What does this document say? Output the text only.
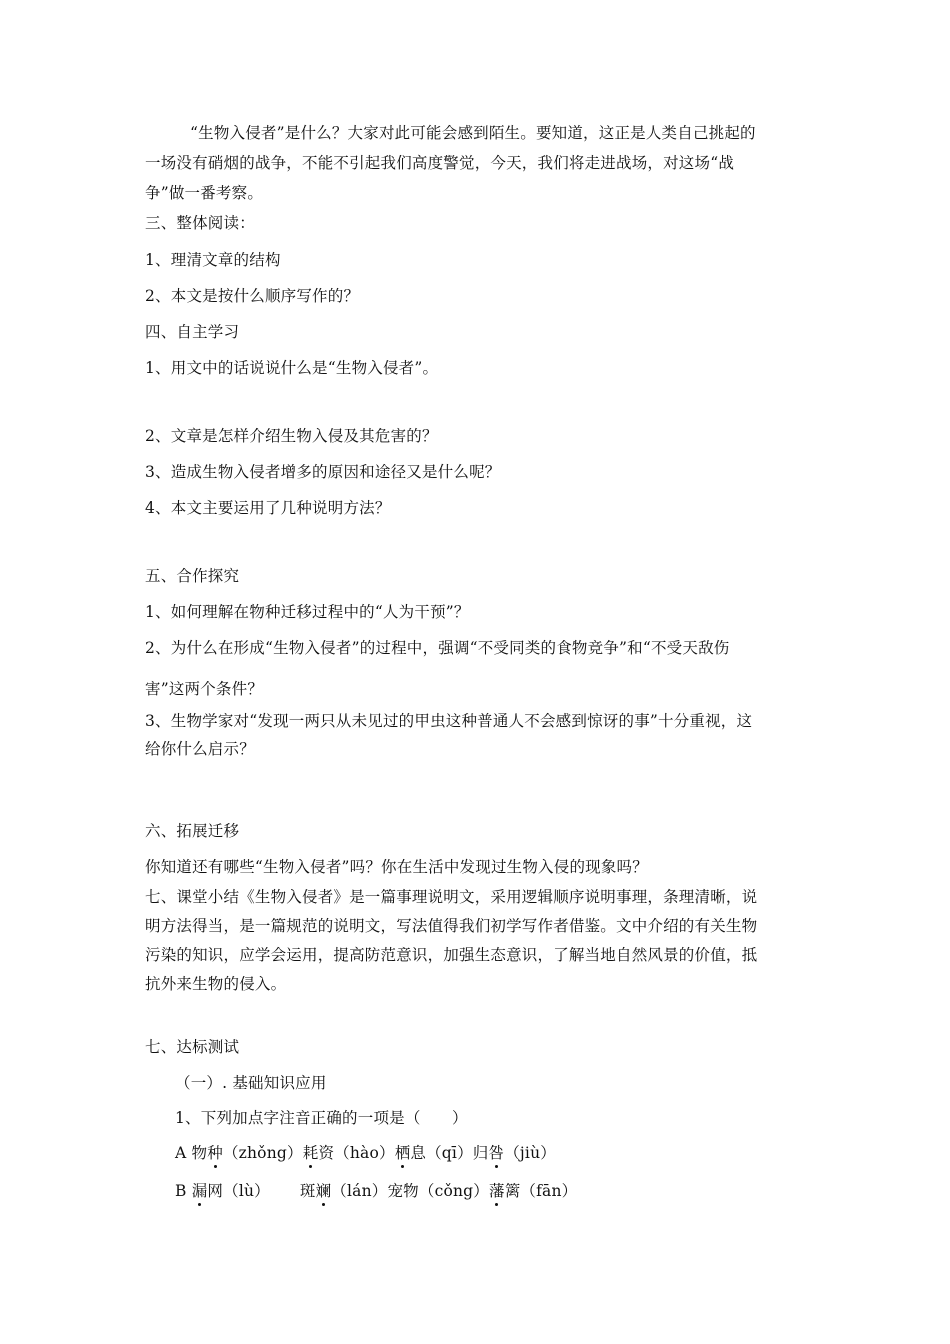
“生物入侵者”是什么？大家对此可能会感到陌生。要知道，这正是人类自己挑起的
一场没有硝烟的战争，不能不引起我们高度警觉，今天，我们将走进战场，对这场“战
争”做一番考察。
三、整体阅读：
1、理清文章的结构
2、本文是按什么顺序写作的？
四、自主学习
1、用文中的话说说什么是“生物入侵者”。
2、文章是怎样介绍生物入侵及其危害的？
3、造成生物入侵者增多的原因和途径又是什么呢？
4、本文主要运用了几种说明方法？
五、合作探究
1、如何理解在物种迁移过程中的“人为干预”？
2、为什么在形成“生物入侵者”的过程中，强调“不受同类的食物竞争”和“不受天敌伤
害”这两个条件？
3、生物学家对“发现一两只从未见过的甲虫这种普通人不会感到惊讶的事”十分重视，这
给你什么启示？
六、拓展迁移
你知道还有哪些“生物入侵者”吗？你在生活中发现过生物入侵的现象吗？
七、课堂小结《生物入侵者》是一篇事理说明文，采用逻辑顺序说明事理，条理清晰，说
明方法得当，是一篇规范的说明文，写法值得我们初学写作者借鉴。文中介绍的有关生物
污染的知识，应学会运用，提高防范意识，加强生态意识，了解当地自然风景的价值，抵
抗外来生物的侵入。
七、达标测试
（一）. 基础知识应用
1、下列加点字注音正确的一项是（　　）
A 物种（zhǒng）耗资（hào）栖息（qī）归咎（jiù）
B 漏网（lù） 斑斓（lán）宠物（cǒng）藩篱（fān）
